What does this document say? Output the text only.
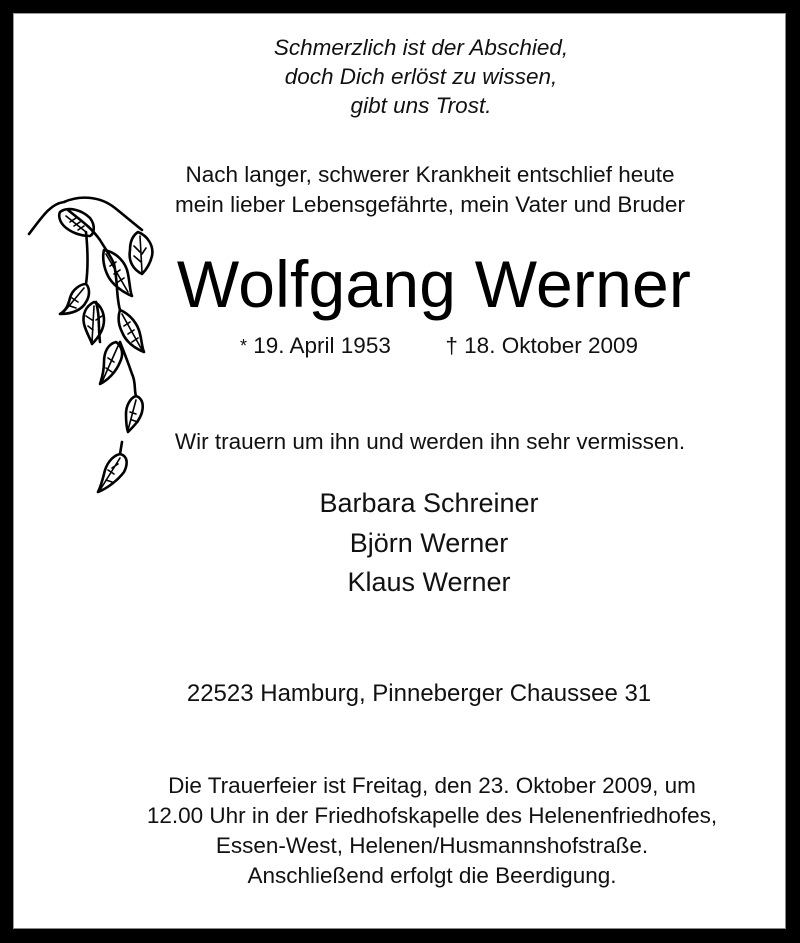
Schmerzlich ist der Abschied,

doch Dich erlöst zu wissen,

gibt uns Trost.

Nach langer, schwerer Krankheit entschlief heute

mein lieber Lebensgefährte, mein Vater und Bruder

Wolfgang Werner

* 19. April 1953 † 18. Oktober 2009

Wir trauern um ihn und werden ihn sehr vermissen.

Barbara Schreiner

Björn Werner

Klaus Werner

22523 Hamburg, Pinneberger Chaussee 31

Die Trauerfeier ist Freitag, den 23. Oktober 2009, um

12.00 Uhr in der Friedhofskapelle des Helenenfriedhofes,

Essen-West, Helenen/Husmannshofstraße.

Anschließend erfolgt die Beerdigung.
